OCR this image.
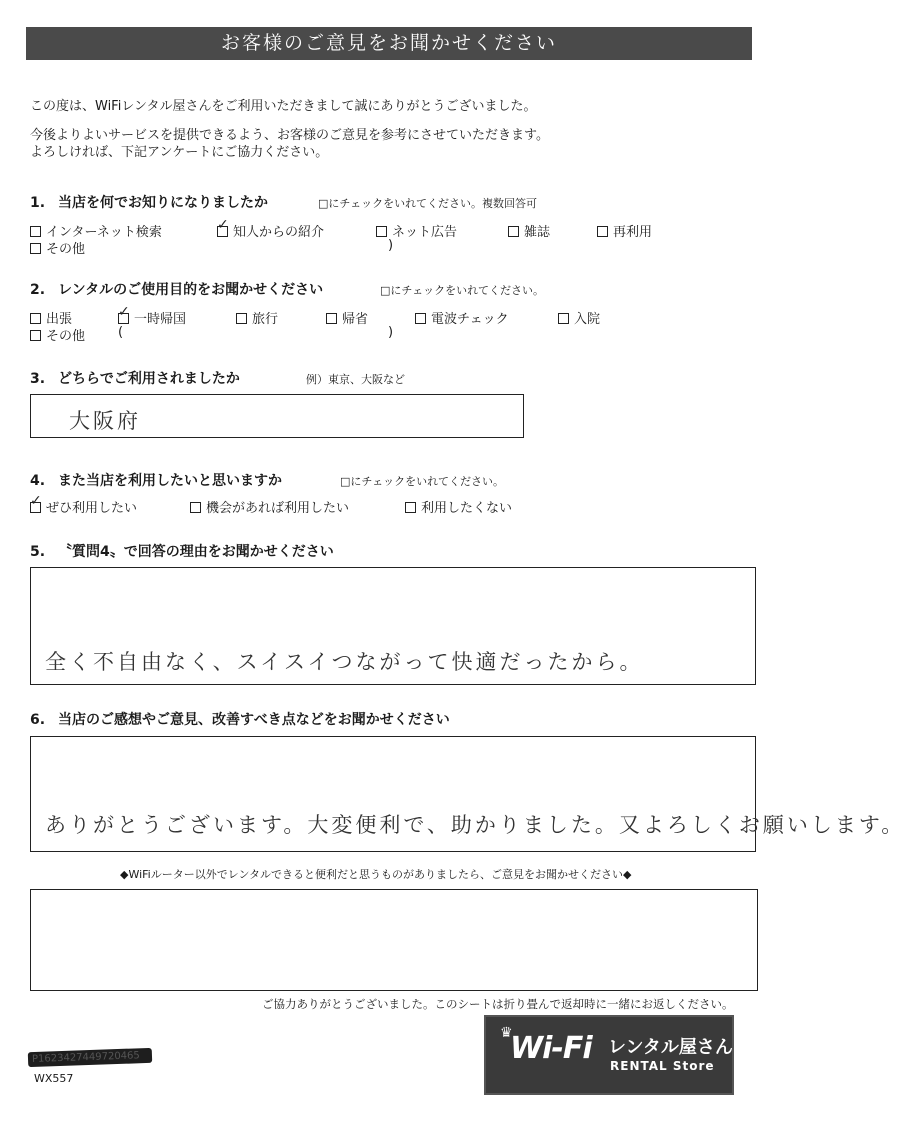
お客様のご意見をお聞かせください
この度は、WiFiレンタル屋さんをご利用いただきまして誠にありがとうございました。
今後よりよいサービスを提供できるよう、お客様のご意見を参考にさせていただきます。
よろしければ、下記アンケートにご協力ください。
1. 当店を何でお知りになりましたか	□にチェックをいれてください。複数回答可
インターネット検索 ✓	知人からの紹介	ネット広告	雑誌	再利用
その他	)
2. レンタルのご使用目的をお聞かせください	□にチェックをいれてください。
出張 ✓	一時帰国	旅行	帰省	電波チェック	入院
その他	(	)
3. どちらでご利用されましたか	例）東京、大阪など
大阪府
4. また当店を利用したいと思いますか	□にチェックをいれてください。
✓ぜひ利用したい	機会があれば利用したい	利用したくない
5. 〝質問4〟で回答の理由をお聞かせください
全く不自由なく、スイスイつながって快適だったから。
6. 当店のご感想やご意見、改善すべき点などをお聞かせください
ありがとうございます。大変便利で、助かりました。又よろしくお願いします。
◆WiFiルーター以外でレンタルできると便利だと思うものがありましたら、ご意見をお聞かせください◆
ご協力ありがとうございました。このシートは折り畳んで返却時に一緒にお返しください。
P1623427449720465
WX557
♛
Wi-Fi レンタル屋さん
RENTAL Store
